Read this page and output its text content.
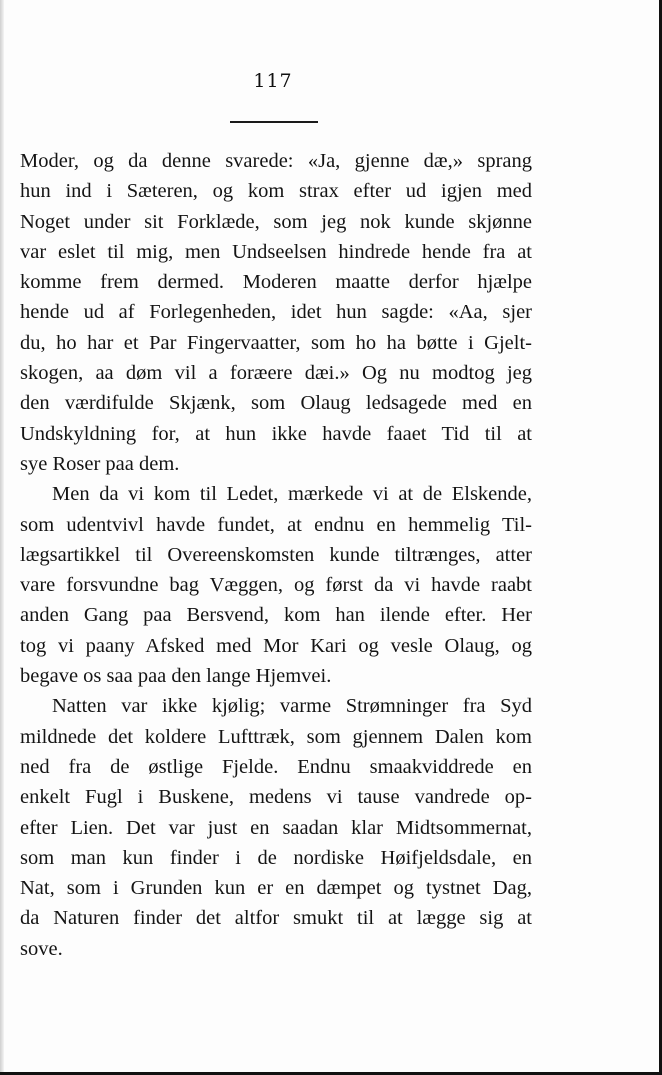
117

Moder, og da denne svarede: «Ja, gjenne dæ,» sprang
hun ind i Sæteren, og kom strax efter ud igjen med
Noget under sit Forklæde, som jeg nok kunde skjønne
var eslet til mig, men Undseelsen hindrede hende fra at
komme frem dermed. Moderen maatte derfor hjælpe
hende ud af Forlegenheden, idet hun sagde: «Aa, sjer
du, ho har et Par Fingervaatter, som ho ha bøtte i Gjelt-
skogen, aa døm vil a foræere dæi.» Og nu modtog jeg
den værdifulde Skjænk, som Olaug ledsagede med en
Undskyldning for, at hun ikke havde faaet Tid til at
sye Roser paa dem.

Men da vi kom til Ledet, mærkede vi at de Elskende,
som udentvivl havde fundet, at endnu en hemmelig Til-
lægsartikkel til Overeenskomsten kunde tiltrænges, atter
vare forsvundne bag Væggen, og først da vi havde raabt
anden Gang paa Bersvend, kom han ilende efter. Her
tog vi paany Afsked med Mor Kari og vesle Olaug, og
begave os saa paa den lange Hjemvei.

Natten var ikke kjølig; varme Strømninger fra Syd
mildnede det koldere Lufttræk, som gjennem Dalen kom
ned fra de østlige Fjelde. Endnu smaakviddrede en
enkelt Fugl i Buskene, medens vi tause vandrede op-
efter Lien. Det var just en saadan klar Midtsommernat,
som man kun finder i de nordiske Høifjeldsdale, en
Nat, som i Grunden kun er en dæmpet og tystnet Dag,
da Naturen finder det altfor smukt til at lægge sig at
sove.
